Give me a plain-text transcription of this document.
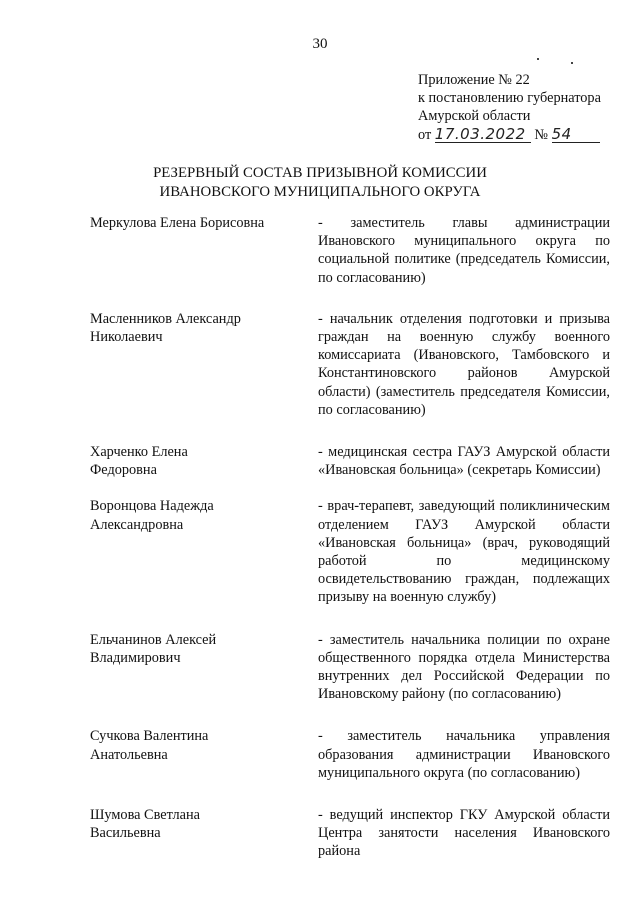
30
Приложение № 22
к постановлению губернатора
Амурской области
от 17.03.2022 № 54
РЕЗЕРВНЫЙ СОСТАВ ПРИЗЫВНОЙ КОМИССИИ
ИВАНОВСКОГО МУНИЦИПАЛЬНОГО ОКРУГА
Меркулова Елена Борисовна	- заместитель главы администрации Ивановского муниципального округа по социальной политике (председатель Комиссии, по согласованию)
Масленников Александр
Николаевич
- начальник отделения подготовки и призыва граждан на военную службу военного комиссариата (Ивановского, Тамбовского и Константиновского районов Амурской области) (заместитель председателя Комиссии, по согласованию)
Харченко Елена
Федоровна
- медицинская сестра ГАУЗ Амурской области «Ивановская больница» (секретарь Комиссии)
Воронцова Надежда
Александровна
- врач-терапевт, заведующий поликлиническим отделением ГАУЗ Амурской области «Ивановская больница» (врач, руководящий работой по медицинскому освидетельствованию граждан, подлежащих призыву на военную службу)
Ельчанинов Алексей
Владимирович
- заместитель начальника полиции по охране общественного порядка отдела Министерства внутренних дел Российской Федерации по Ивановскому району (по согласованию)
Сучкова Валентина
Анатольевна
- заместитель начальника управления образования администрации Ивановского муниципального округа (по согласованию)
Шумова Светлана
Васильевна
- ведущий инспектор ГКУ Амурской области Центра занятости населения Ивановского района
